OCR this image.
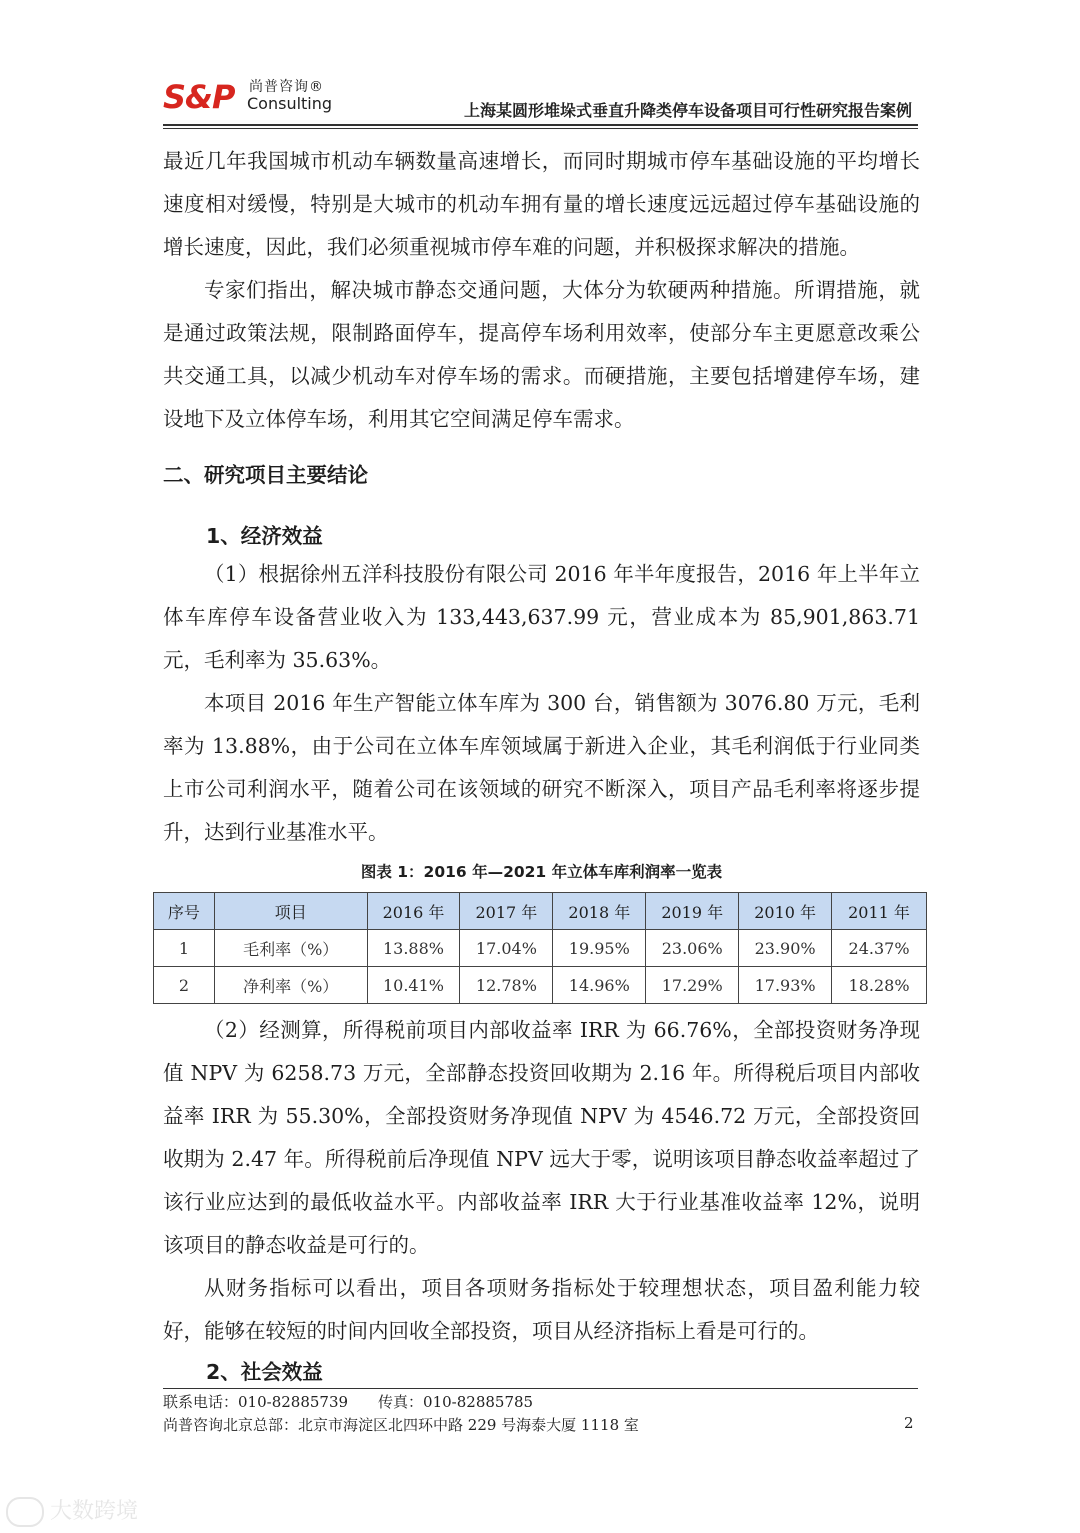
S&P 尚普咨询®
Consulting	上海某圆形堆垛式垂直升降类停车设备项目可行性研究报告案例
最近几年我国城市机动车辆数量高速增长，而同时期城市停车基础设施的平均增长速度相对缓慢，特别是大城市的机动车拥有量的增长速度远远超过停车基础设施的增长速度，因此，我们必须重视城市停车难的问题，并积极探求解决的措施。
专家们指出，解决城市静态交通问题，大体分为软硬两种措施。所谓措施，就是通过政策法规，限制路面停车，提高停车场利用效率，使部分车主更愿意改乘公共交通工具，以减少机动车对停车场的需求。而硬措施，主要包括增建停车场，建设地下及立体停车场，利用其它空间满足停车需求。
二、研究项目主要结论
1、经济效益
（1）根据徐州五洋科技股份有限公司 2016 年半年度报告，2016 年上半年立体车库停车设备营业收入为 133,443,637.99 元，营业成本为 85,901,863.71 元，毛利率为 35.63%。
本项目 2016 年生产智能立体车库为 300 台，销售额为 3076.80 万元，毛利率为 13.88%，由于公司在立体车库领域属于新进入企业，其毛利润低于行业同类上市公司利润水平，随着公司在该领域的研究不断深入，项目产品毛利率将逐步提升，达到行业基准水平。
图表 1：2016 年—2021 年立体车库利润率一览表
序号	项目	2016 年	2017 年	2018 年	2019 年	2010 年	2011 年
1	毛利率（%）	13.88%	17.04%	19.95%	23.06%	23.90%	24.37%
2	净利率（%）	10.41%	12.78%	14.96%	17.29%	17.93%	18.28%
（2）经测算，所得税前项目内部收益率 IRR 为 66.76%，全部投资财务净现值 NPV 为 6258.73 万元，全部静态投资回收期为 2.16 年。所得税后项目内部收益率 IRR 为 55.30%，全部投资财务净现值 NPV 为 4546.72 万元，全部投资回收期为 2.47 年。所得税前后净现值 NPV 远大于零，说明该项目静态收益率超过了该行业应达到的最低收益水平。内部收益率 IRR 大于行业基准收益率 12%，说明该项目的静态收益是可行的。
从财务指标可以看出，项目各项财务指标处于较理想状态，项目盈利能力较好，能够在较短的时间内回收全部投资，项目从经济指标上看是可行的。
2、社会效益
联系电话：010-82885739　　传真：010-82885785
尚普咨询北京总部：北京市海淀区北四环中路 229 号海泰大厦 1118 室	2
大数跨境
